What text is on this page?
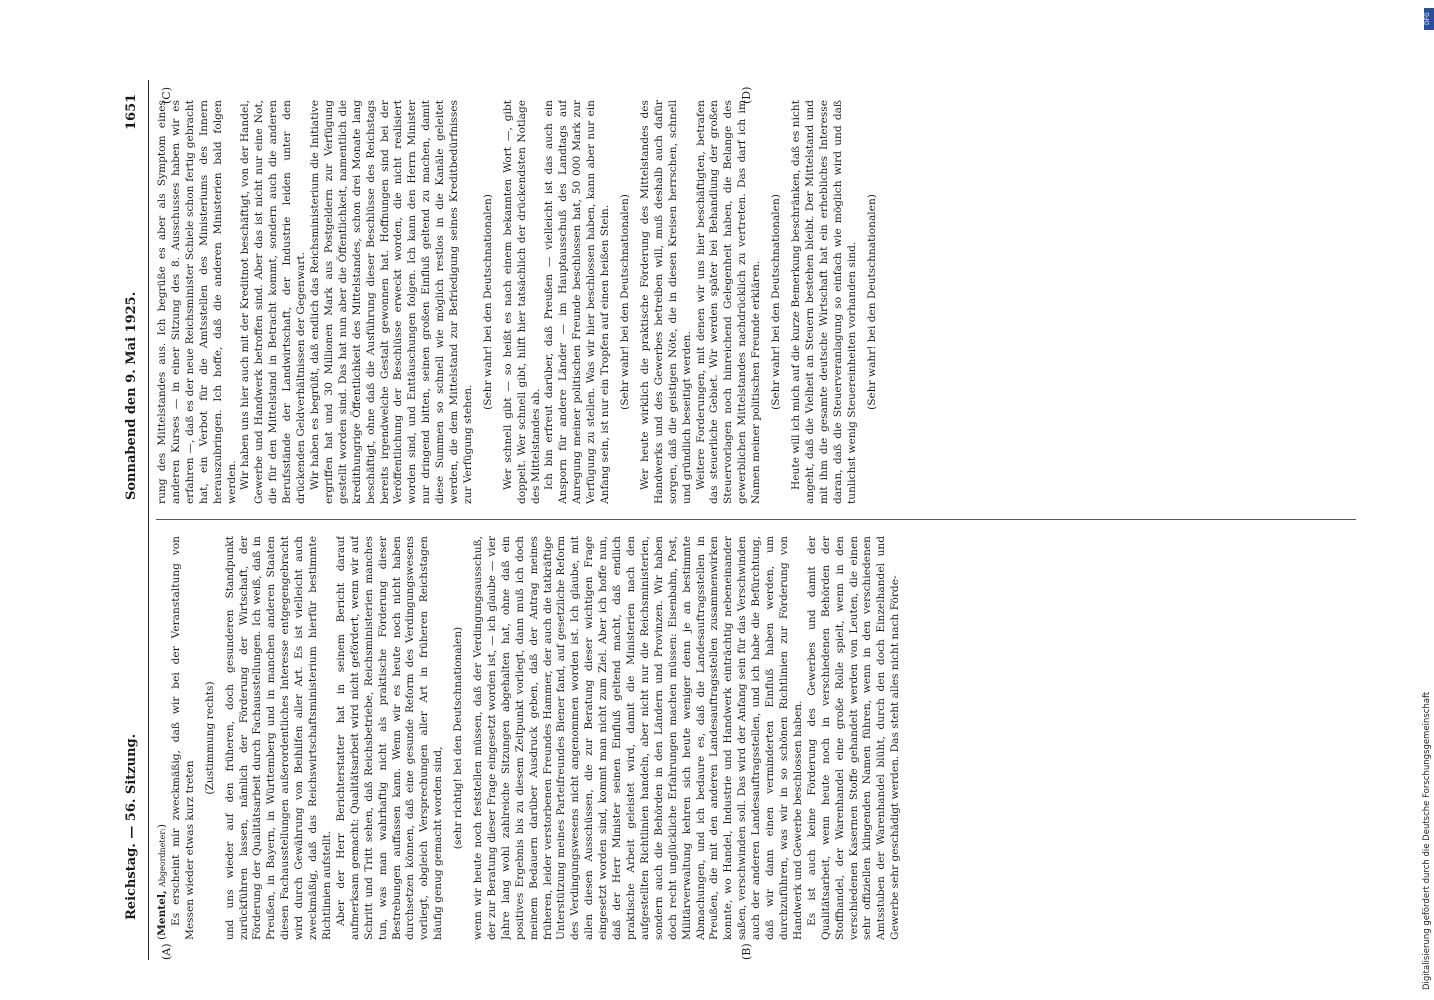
Reichstag. — 56. Sitzung.
Sonnabend den 9. Mai 1925.
1651
(A)	(B)
(C)	(D)

(Mentel, Abgeordneter:) Es erscheint mir zweckmäßig, daß wir bei der Veranstaltung von Messen wieder etwas kurz treten

(Zustimmung rechts) und uns wieder auf den früheren, doch gesunderen Standpunkt zurückführen lassen, nämlich der Förderung der Wirtschaft, der Förderung der Qualitätsarbeit durch Fachausstellungen. Ich weiß, daß in Preußen, in Bayern, in Württemberg und in manchen anderen Staaten diesen Fachausstellungen außerordentliches Interesse entgegengebracht wird durch Gewährung von Beihilfen aller Art. Es ist vielleicht auch zweckmäßig, daß das Reichswirtschaftsministerium hierfür bestimmte Richtlinien aufstellt. Aber der Herr Berichterstatter hat in seinem Bericht darauf aufmerksam gemacht: Qualitätsarbeit wird nicht gefördert, wenn wir auf Schritt und Tritt sehen, daß Reichsbetriebe, Reichsministerien manches tun, was man wahrhaftig nicht als praktische Förderung dieser Bestrebungen auffassen kann. Wenn wir es heute noch nicht haben durchsetzen können, daß eine gesunde Reform des Verdingungswesens vorliegt, obgleich Versprechungen aller Art in früheren Reichstagen häufig genug gemacht worden sind, (sehr richtig! bei den Deutschnationalen) wenn wir heute noch feststellen müssen, daß der Verdingungsausschuß, der zur Beratung dieser Frage eingesetzt worden ist, — ich glaube — vier Jahre lang wohl zahlreiche Sitzungen abgehalten hat, ohne daß ein positives Ergebnis bis zu diesem Zeitpunkt vorliegt, dann muß ich doch meinem Bedauern darüber Ausdruck geben, daß der Antrag meines früheren, leider verstorbenen Freundes Hammer, der auch die tatkräftige Unterstützung meines Parteifreundes Biener fand, auf gesetzliche Reform des Verdingungswesens nicht angenommen worden ist. Ich glaube, mit allen diesen Ausschüssen, die zur Beratung dieser wichtigen Frage eingesetzt worden sind, kommt man nicht zum Ziel. Aber ich hoffe nun, daß der Herr Minister seinen Einfluß geltend macht, daß endlich praktische Arbeit geleistet wird, damit die Ministerien nach den aufgestellten Richtlinien handeln, aber nicht nur die Reichsministerien, sondern auch die Behörden in den Ländern und Provinzen. Wir haben doch recht unglückliche Erfahrungen machen müssen: Eisenbahn, Post, Militärverwaltung kehren sich heute weniger denn je an bestimmte Abmachungen, und ich bedaure es, daß die Landesauftragsstellen in Preußen, die mit den anderen Landesauftragsstellen zusammenwirken konnte, wo Handel, Industrie und Handwerk einträchtig nebeneinander saßen, verschwinden soll. Das wird der Anfang sein für das Verschwinden auch der anderen Landesauftragsstellen, und ich habe die Befürchtung, daß wir dann einen verminderten Einfluß haben werden, um durchzuführen, was wir in so schönen Richtlinien zur Förderung von Handwerk und Gewerbe beschlossen haben. Es ist auch keine Förderung des Gewerbes und damit der Qualitätsarbeit, wenn heute noch in verschiedenen Behörden der Stoffhandel, der Warenhandel eine große Rolle spielt, wenn in den verschiedenen Kasernen Stoffe gehandelt werden von Leuten, die einen sehr offiziellen klingenden Namen führen, wenn in den verschiedenen Amtsstuben der Warenhandel blüht, durch den doch Einzelhandel und Gewerbe sehr geschädigt werden. Das steht alles nicht nach Förde-

rung des Mittelstandes aus. Ich begrüße es aber als Symptom eines anderen Kurses — in einer Sitzung des 8. Ausschusses haben wir es erfahren —, daß es der neue Reichsminister Schiele schon fertig gebracht hat, ein Verbot für die Amtsstellen des Ministeriums des Innern herauszubringen. Ich hoffe, daß die anderen Ministerien bald folgen werden. Wir haben uns hier auch mit der Kreditnot beschäftigt, von der Handel, Gewerbe und Handwerk betroffen sind. Aber das ist nicht nur eine Not, die für den Mittelstand in Betracht kommt, sondern auch die anderen Berufsstände der Landwirtschaft, der Industrie leiden unter den drückenden Geldverhältnissen der Gegenwart. Wir haben es begrüßt, daß endlich das Reichsministerium die Initiative ergriffen hat und 30 Millionen Mark aus Postgeldern zur Verfügung gestellt worden sind. Das hat nun aber die Öffentlichkeit, namentlich die kredithungrige Öffentlichkeit des Mittelstandes, schon drei Monate lang beschäftigt, ohne daß die Ausführung dieser Beschlüsse des Reichstags bereits irgendwelche Gestalt gewonnen hat. Hoffnungen sind bei der Veröffentlichung der Beschlüsse erweckt worden, die nicht realisiert worden sind, und Enttäuschungen folgen. Ich kann den Herrn Minister nur dringend bitten, seinen großen Einfluß geltend zu machen, damit diese Summen so schnell wie möglich restlos in die Kanäle geleitet werden, die dem Mittelstand zur Befriedigung seines Kreditbedürfnisses zur Verfügung stehen.

(Sehr wahr! bei den Deutschnationalen) Wer schnell gibt — so heißt es nach einem bekannten Wort —, gibt doppelt. Wer schnell gibt, hilft hier tatsächlich der drückendsten Notlage des Mittelstandes ab. Ich bin erfreut darüber, daß Preußen — vielleicht ist das auch ein Ansporn für andere Länder — im Hauptausschuß des Landtags auf Anregung meiner politischen Freunde beschlossen hat, 50 000 Mark zur Verfügung zu stellen. Was wir hier beschlossen haben, kann aber nur ein Anfang sein, ist nur ein Tropfen auf einen heißen Stein. (Sehr wahr! bei den Deutschnationalen) Wer heute wirklich die praktische Förderung des Mittelstandes des Handwerks und des Gewerbes betreiben will, muß deshalb auch dafür sorgen, daß die geistigen Nöte, die in diesen Kreisen herrschen, schnell und gründlich beseitigt werden. Weitere Forderungen, mit denen wir uns hier beschäftigten, betrafen das steuerliche Gebiet. Wir werden später bei Behandlung der großen Steuervorlagen noch hinreichend Gelegenheit haben, die Belange des gewerblichen Mittelstandes nachdrücklich zu vertreten. Das darf ich im Namen meiner politischen Freunde erklären. (Sehr wahr! bei den Deutschnationalen) Heute will ich mich auf die kurze Bemerkung beschränken, daß es nicht angeht, daß die Vielheit an Steuern bestehen bleibt. Der Mittelstand und mit ihm die gesamte deutsche Wirtschaft hat ein erhebliches Interesse daran, daß die Steuerveranlagung so einfach wie möglich wird und daß tunlichst wenig Steuereinheiten vorhanden sind. (Sehr wahr! bei den Deutschnationalen)

DFG
Digitalisierung gefördert durch die Deutsche Forschungsgemeinschaft
